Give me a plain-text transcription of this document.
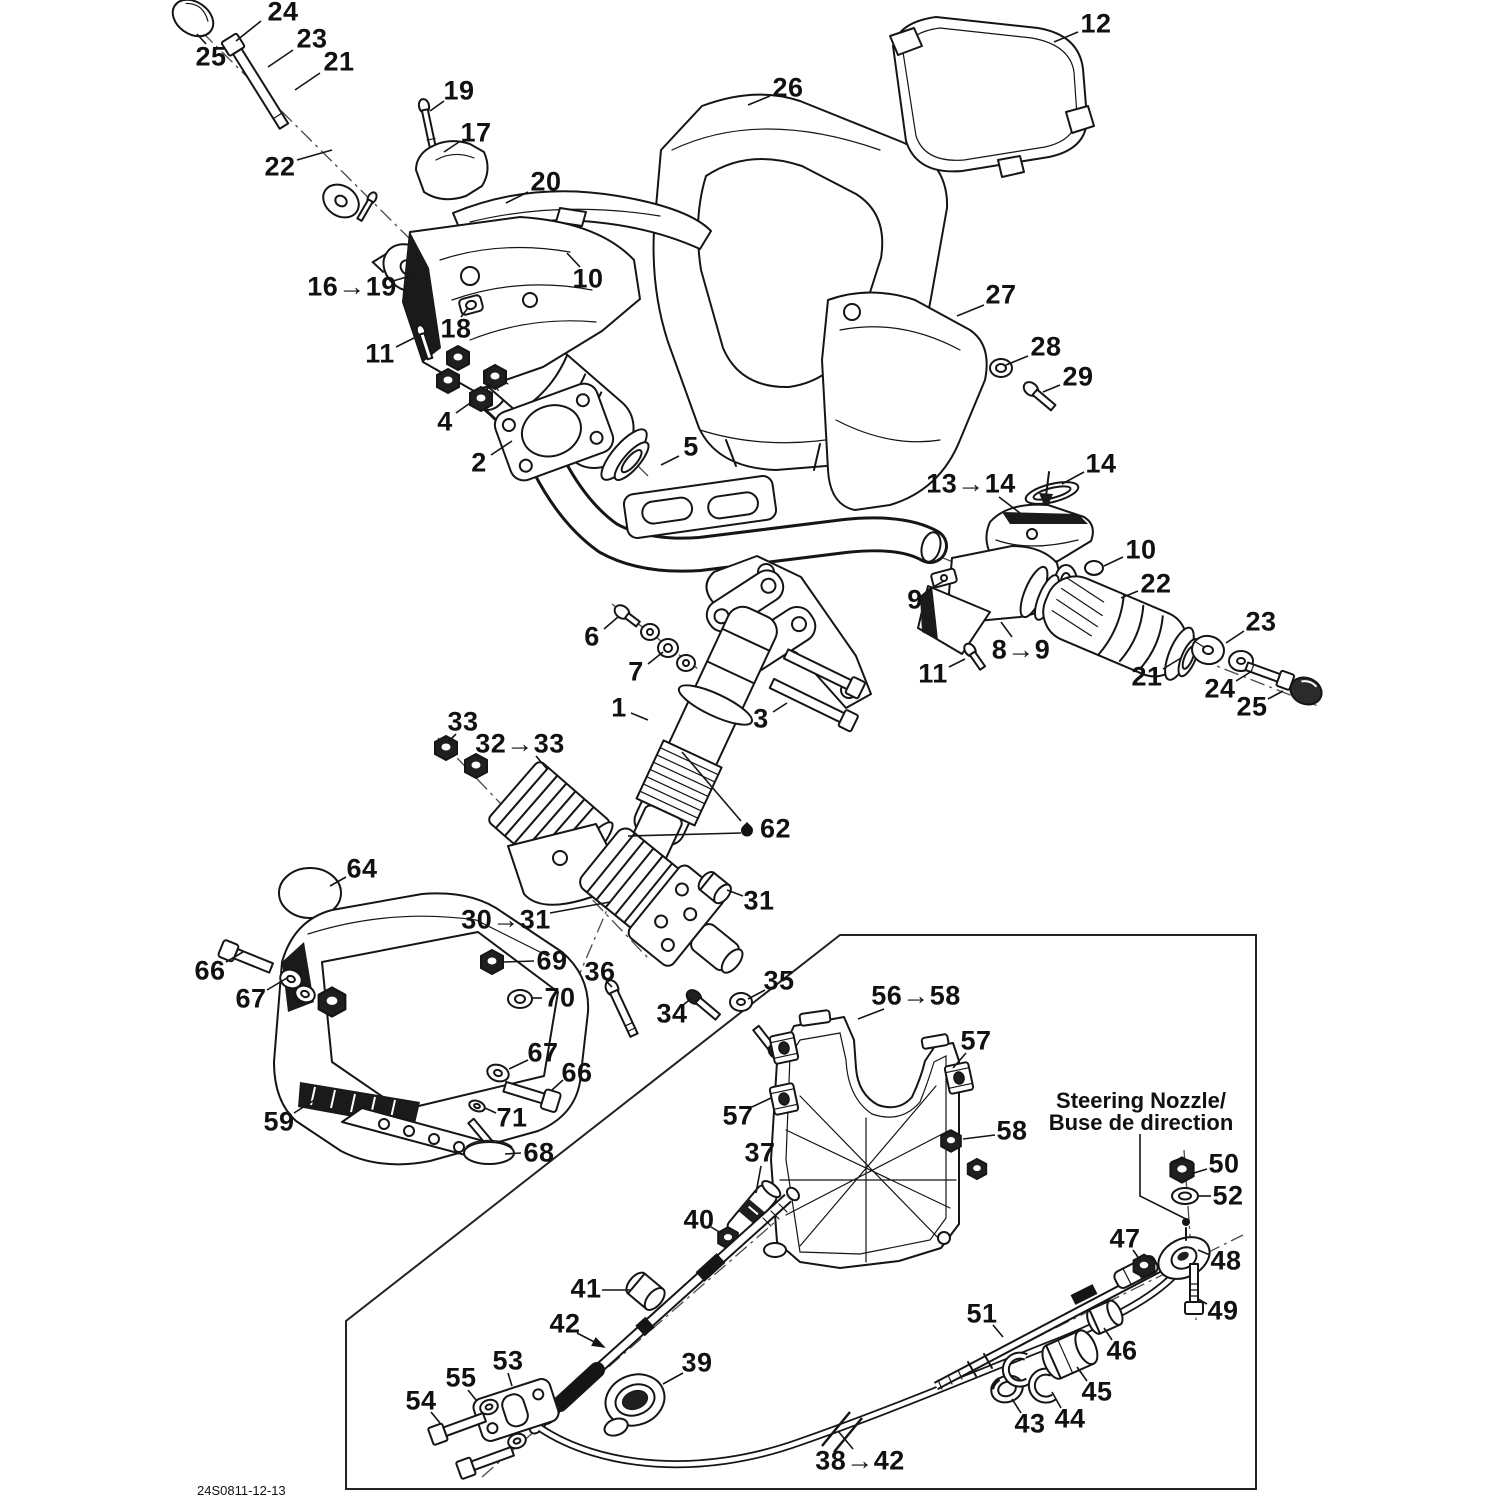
24S0811-12-13
24
25
23
21
19
17
22	20
26
12
10
16→19
18
11
27
28
29
4
2
5
14
13→14
10
22
9
23
8→9
21
11	24
25
6
7
1	3
33
32→33
62
64
30→31
31
66
67
69 36
70
34
35	56→58
57
57
67
66
59	71
68
58
37
40
50
52
47
48
49
41
42	51
46
53	39
55
54	45
44
43
38→42
Steering Nozzle/
Buse de direction
